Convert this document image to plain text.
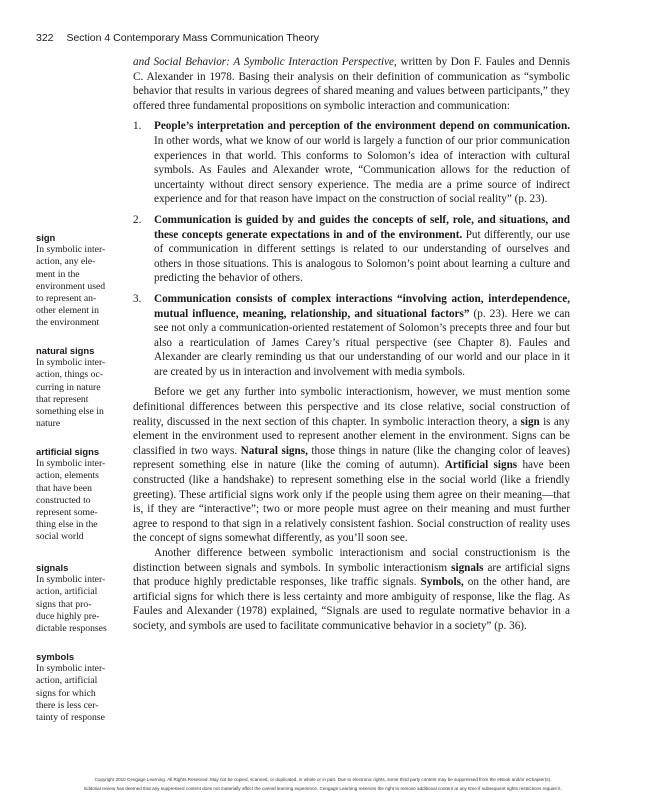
322 Section 4 Contemporary Mass Communication Theory

and Social Behavior: A Symbolic Interaction Perspective, written by Don F. Faules and Dennis C. Alexander in 1978. Basing their analysis on their definition of communication as “symbolic behavior that results in various degrees of shared meaning and values between participants,” they offered three fundamental propositions on symbolic interaction and communication:

1. People’s interpretation and perception of the environment depend on communication. In other words, what we know of our world is largely a function of our prior communication experiences in that world. This conforms to Solomon’s idea of interaction with cultural symbols. As Faules and Alexander wrote, “Communication allows for the reduction of uncertainty without direct sensory experience. The media are a prime source of indirect experience and for that reason have impact on the construction of social reality” (p. 23).
2. Communication is guided by and guides the concepts of self, role, and situations, and these concepts generate expectations in and of the environment. Put differently, our use of communication in different settings is related to our understanding of ourselves and others in those situations. This is analogous to Solomon’s point about learning a culture and predicting the behavior of others.
3. Communication consists of complex interactions “involving action, interdependence, mutual influence, meaning, relationship, and situational factors” (p. 23). Here we can see not only a communication-oriented restatement of Solomon’s precepts three and four but also a rearticulation of James Carey’s ritual perspective (see Chapter 8). Faules and Alexander are clearly reminding us that our understanding of our world and our place in it are created by us in interaction and involvement with media symbols.

Before we get any further into symbolic interactionism, however, we must mention some definitional differences between this perspective and its close relative, social construction of reality, discussed in the next section of this chapter. In symbolic interaction theory, a sign is any element in the environment used to represent another element in the environment. Signs can be classified in two ways. Natural signs, those things in nature (like the changing color of leaves) represent something else in nature (like the coming of autumn). Artificial signs have been constructed (like a handshake) to represent something else in the social world (like a friendly greeting). These artificial signs work only if the people using them agree on their meaning—that is, if they are “interactive”; two or more people must agree on their meaning and must further agree to respond to that sign in a relatively consistent fashion. Social construction of reality uses the concept of signs somewhat differently, as you’ll soon see.

Another difference between symbolic interactionism and social constructionism is the distinction between signals and symbols. In symbolic interactionism signals are artificial signs that produce highly predictable responses, like traffic signals. Symbols, on the other hand, are artificial signs for which there is less certainty and more ambiguity of response, like the flag. As Faules and Alexander (1978) explained, “Signals are used to regulate normative behavior in a society, and symbols are used to facilitate communicative behavior in a society” (p. 36).

sign
In symbolic inter-
action, any ele-
ment in the
environment used
to represent an-
other element in
the environment
natural signs
In symbolic inter-
action, things oc-
curring in nature
that represent
something else in
nature
artificial signs
In symbolic inter-
action, elements
that have been
constructed to
represent some-
thing else in the
social world
signals
In symbolic inter-
action, artificial
signs that pro-
duce highly pre-
dictable responses
symbols
In symbolic inter-
action, artificial
signs for which
there is less cer-
tainty of response
Copyright 2010 Cengage Learning. All Rights Reserved. May not be copied, scanned, or duplicated, in whole or in part. Due to electronic rights, some third party content may be suppressed from the eBook and/or eChapter(s).
Editorial review has deemed that any suppressed content does not materially affect the overall learning experience. Cengage Learning reserves the right to remove additional content at any time if subsequent rights restrictions require it.
